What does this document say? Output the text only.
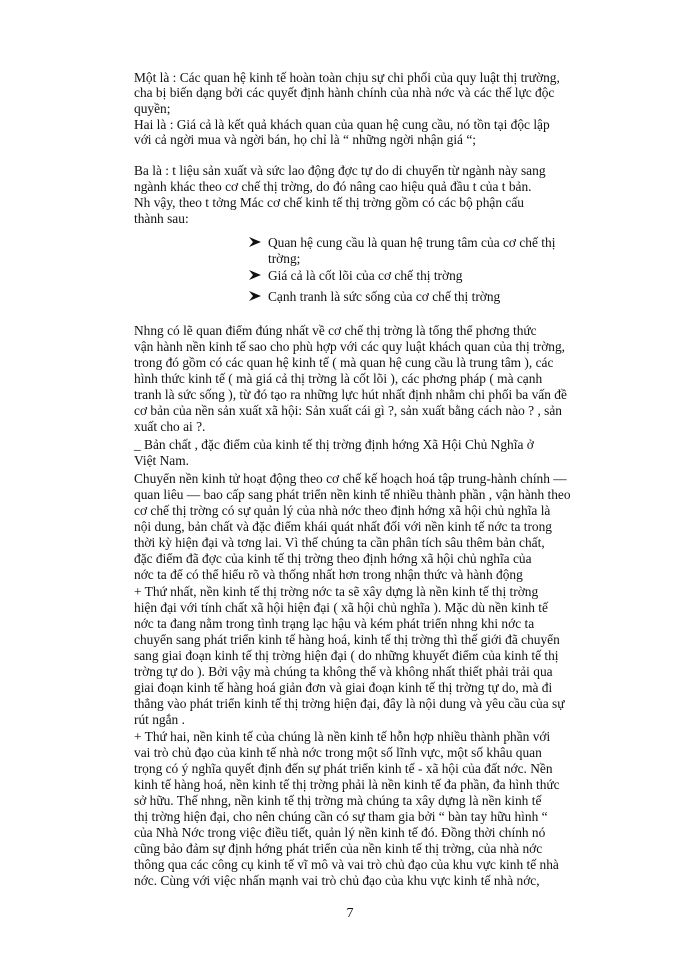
Một là : Các quan hệ kinh tế hoàn toàn chịu sự chi phối của quy luật thị trường,
cha bị biến dạng bởi các quyết định hành chính của nhà nớc và các thế lực độc
quyền;
Hai là : Giá cả là kết quả khách quan của quan hệ cung cầu, nó tồn tại độc lập
với cả ngời mua và ngời bán, họ chỉ là “ những ngời nhận giá “;
Ba là : t liệu sản xuất và sức lao động đợc tự do di chuyển từ ngành này sang
ngành khác theo cơ chế thị trờng, do đó nâng cao hiệu quả đầu t của t bản.
Nh vậy, theo t tởng Mác cơ chế kinh tế thị trờng gồm có các bộ phận cấu
thành sau:
Quan hệ cung cầu là quan hệ trung tâm của cơ chế thị
trờng;
Giá cả là cốt lõi của cơ chế thị trờng
Cạnh tranh là sức sống của cơ chế thị trờng
Nhng có lẽ quan điểm đúng nhất về cơ chế thị trờng là tổng thể phơng thức
vận hành nền kinh tế sao cho phù hợp với các quy luật khách quan của thị trờng,
trong đó gồm có các quan hệ kinh tế ( mà quan hệ cung cầu là trung tâm ), các
hình thức kinh tế ( mà giá cả thị trờng là cốt lõi ), các phơng pháp ( mà cạnh
tranh là sức sống ), từ đó tạo ra những lực hút nhất định nhằm chi phối ba vấn đề
cơ bản của nền sản xuất xã hội: Sản xuất cái gì ?, sản xuất bằng cách nào ? , sản
xuất cho ai ?.
_ Bản chất , đặc điểm của kinh tế thị trờng định hớng Xã Hội Chủ Nghĩa ở
Việt Nam.
Chuyển nền kinh tử hoạt động theo cơ chế kế hoạch hoá tập trung-hành chính —
quan liêu — bao cấp sang phát triển nền kinh tế nhiều thành phần , vận hành theo
cơ chế thị trờng có sự quản lý của nhà nớc theo định hớng xã hội chủ nghĩa là
nội dung, bản chất và đặc điểm khái quát nhất đối với nền kinh tế nớc ta trong
thời kỳ hiện đại và tơng lai. Vì thế chúng ta cần phân tích sâu thêm bản chất,
đặc điểm đã đợc của kinh tế thị trờng theo định hớng xã hội chủ nghĩa của
nớc ta để có thể hiểu rõ và thống nhất hơn trong nhận thức và hành động
+ Thứ nhất, nền kinh tế thị trờng nớc ta sẽ xây dựng là nền kinh tế thị trờng
hiện đại với tính chất xã hội hiện đại ( xã hội chủ nghĩa ). Mặc dù nền kinh tế
nớc ta đang nằm trong tình trạng lạc hậu và kém phát triển nhng khi nớc ta
chuyển sang phát triển kinh tế hàng hoá, kinh tế thị trờng thì thế giới đã chuyển
sang giai đoạn kinh tế thị trờng hiện đại ( do những khuyết điểm của kinh tế thị
trờng tự do ). Bởi vậy mà chúng ta không thể và không nhất thiết phải trải qua
giai đoạn kinh tế hàng hoá giản đơn và giai đoạn kinh tế thị trờng tự do, mà đi
thẳng vào phát triển kinh tế thị trờng hiện đại, đây là nội dung và yêu cầu của sự
rút ngắn .
+ Thứ hai, nền kinh tế của chúng là nền kinh tế hỗn hợp nhiều thành phần với
vai trò chủ đạo của kinh tế nhà nớc trong một số lĩnh vực, một số khâu quan
trọng có ý nghĩa quyết định đến sự phát triển kinh tế - xã hội của đất nớc. Nền
kinh tế hàng hoá, nền kinh tế thị trờng phải là nền kinh tế đa phần, đa hình thức
sở hữu. Thế nhng, nền kinh tế thị trờng mà chúng ta xây dựng là nền kinh tế
thị trờng hiện đại, cho nên chúng cần có sự tham gia bởi “ bàn tay hữu hình “
của Nhà Nớc trong việc điều tiết, quản lý nền kinh tế đó. Đồng thời chính nó
cũng bảo đảm sự định hớng phát triển của nền kinh tế thị trờng, của nhà nớc
thông qua các công cụ kinh tế vĩ mô và vai trò chủ đạo của khu vực kinh tế nhà
nớc. Cùng với việc nhấn mạnh vai trò chủ đạo của khu vực kinh tế nhà nớc,
7
